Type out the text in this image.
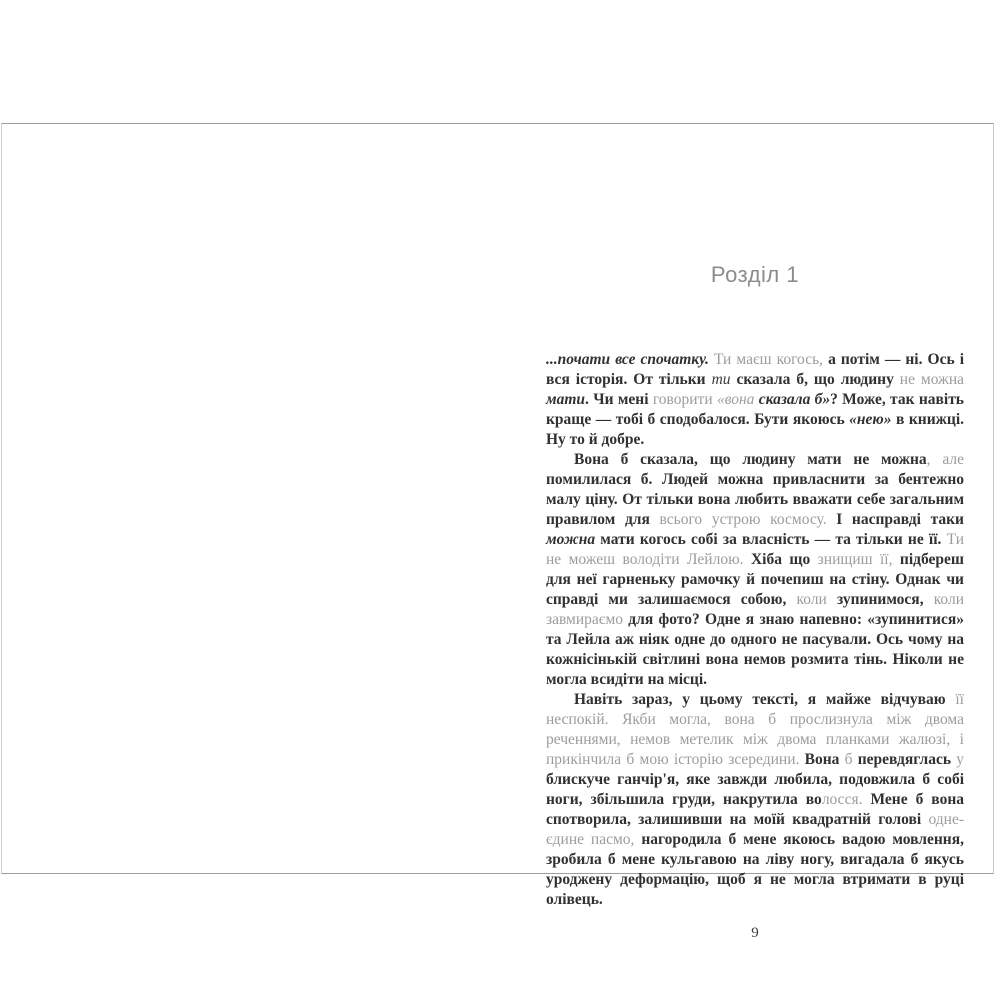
Розділ 1

...почати все спочатку. Ти маєш когось, а потім — ні. Ось і вся історія. От тільки ти сказала б, що людину не можна мати. Чи мені говорити «вона сказала б»? Може, так навіть краще — тобі б сподобалося. Бути якоюсь «нею» в книжці. Ну то й добре.

Вона б сказала, що людину мати не можна, але помилилася б. Людей можна привласнити за бентежно малу ціну. От тільки вона любить вважати себе загальним правилом для всього устрою космосу. І насправді таки можна мати когось собі за власність — та тільки не її. Ти не можеш володіти Лейлою. Хіба що знищиш її, підбереш для неї гарненьку рамочку й почепиш на стіну. Однак чи справді ми залишаємося собою, коли зупинимося, коли завмираємо для фото? Одне я знаю напевно: «зупинитися» та Лейла аж ніяк одне до одного не пасували. Ось чому на кожнісінькій світлині вона немов розмита тінь. Ніколи не могла всидіти на місці.

Навіть зараз, у цьому тексті, я майже відчуваю її неспокій. Якби могла, вона б прослизнула між двома реченнями, немов метелик між двома планками жалюзі, і прикінчила б мою історію зсередини. Вона б перевдяглась у блискуче ганчір'я, яке завжди любила, подовжила б собі ноги, збільшила груди, накрутила волосся. Мене б вона спотворила, залишивши на моїй квадратній голові одне-єдине пасмо, нагородила б мене якоюсь вадою мовлення, зробила б мене кульгавою на ліву ногу, вигадала б якусь уроджену деформацію, щоб я не могла втримати в руці олівець.

9
